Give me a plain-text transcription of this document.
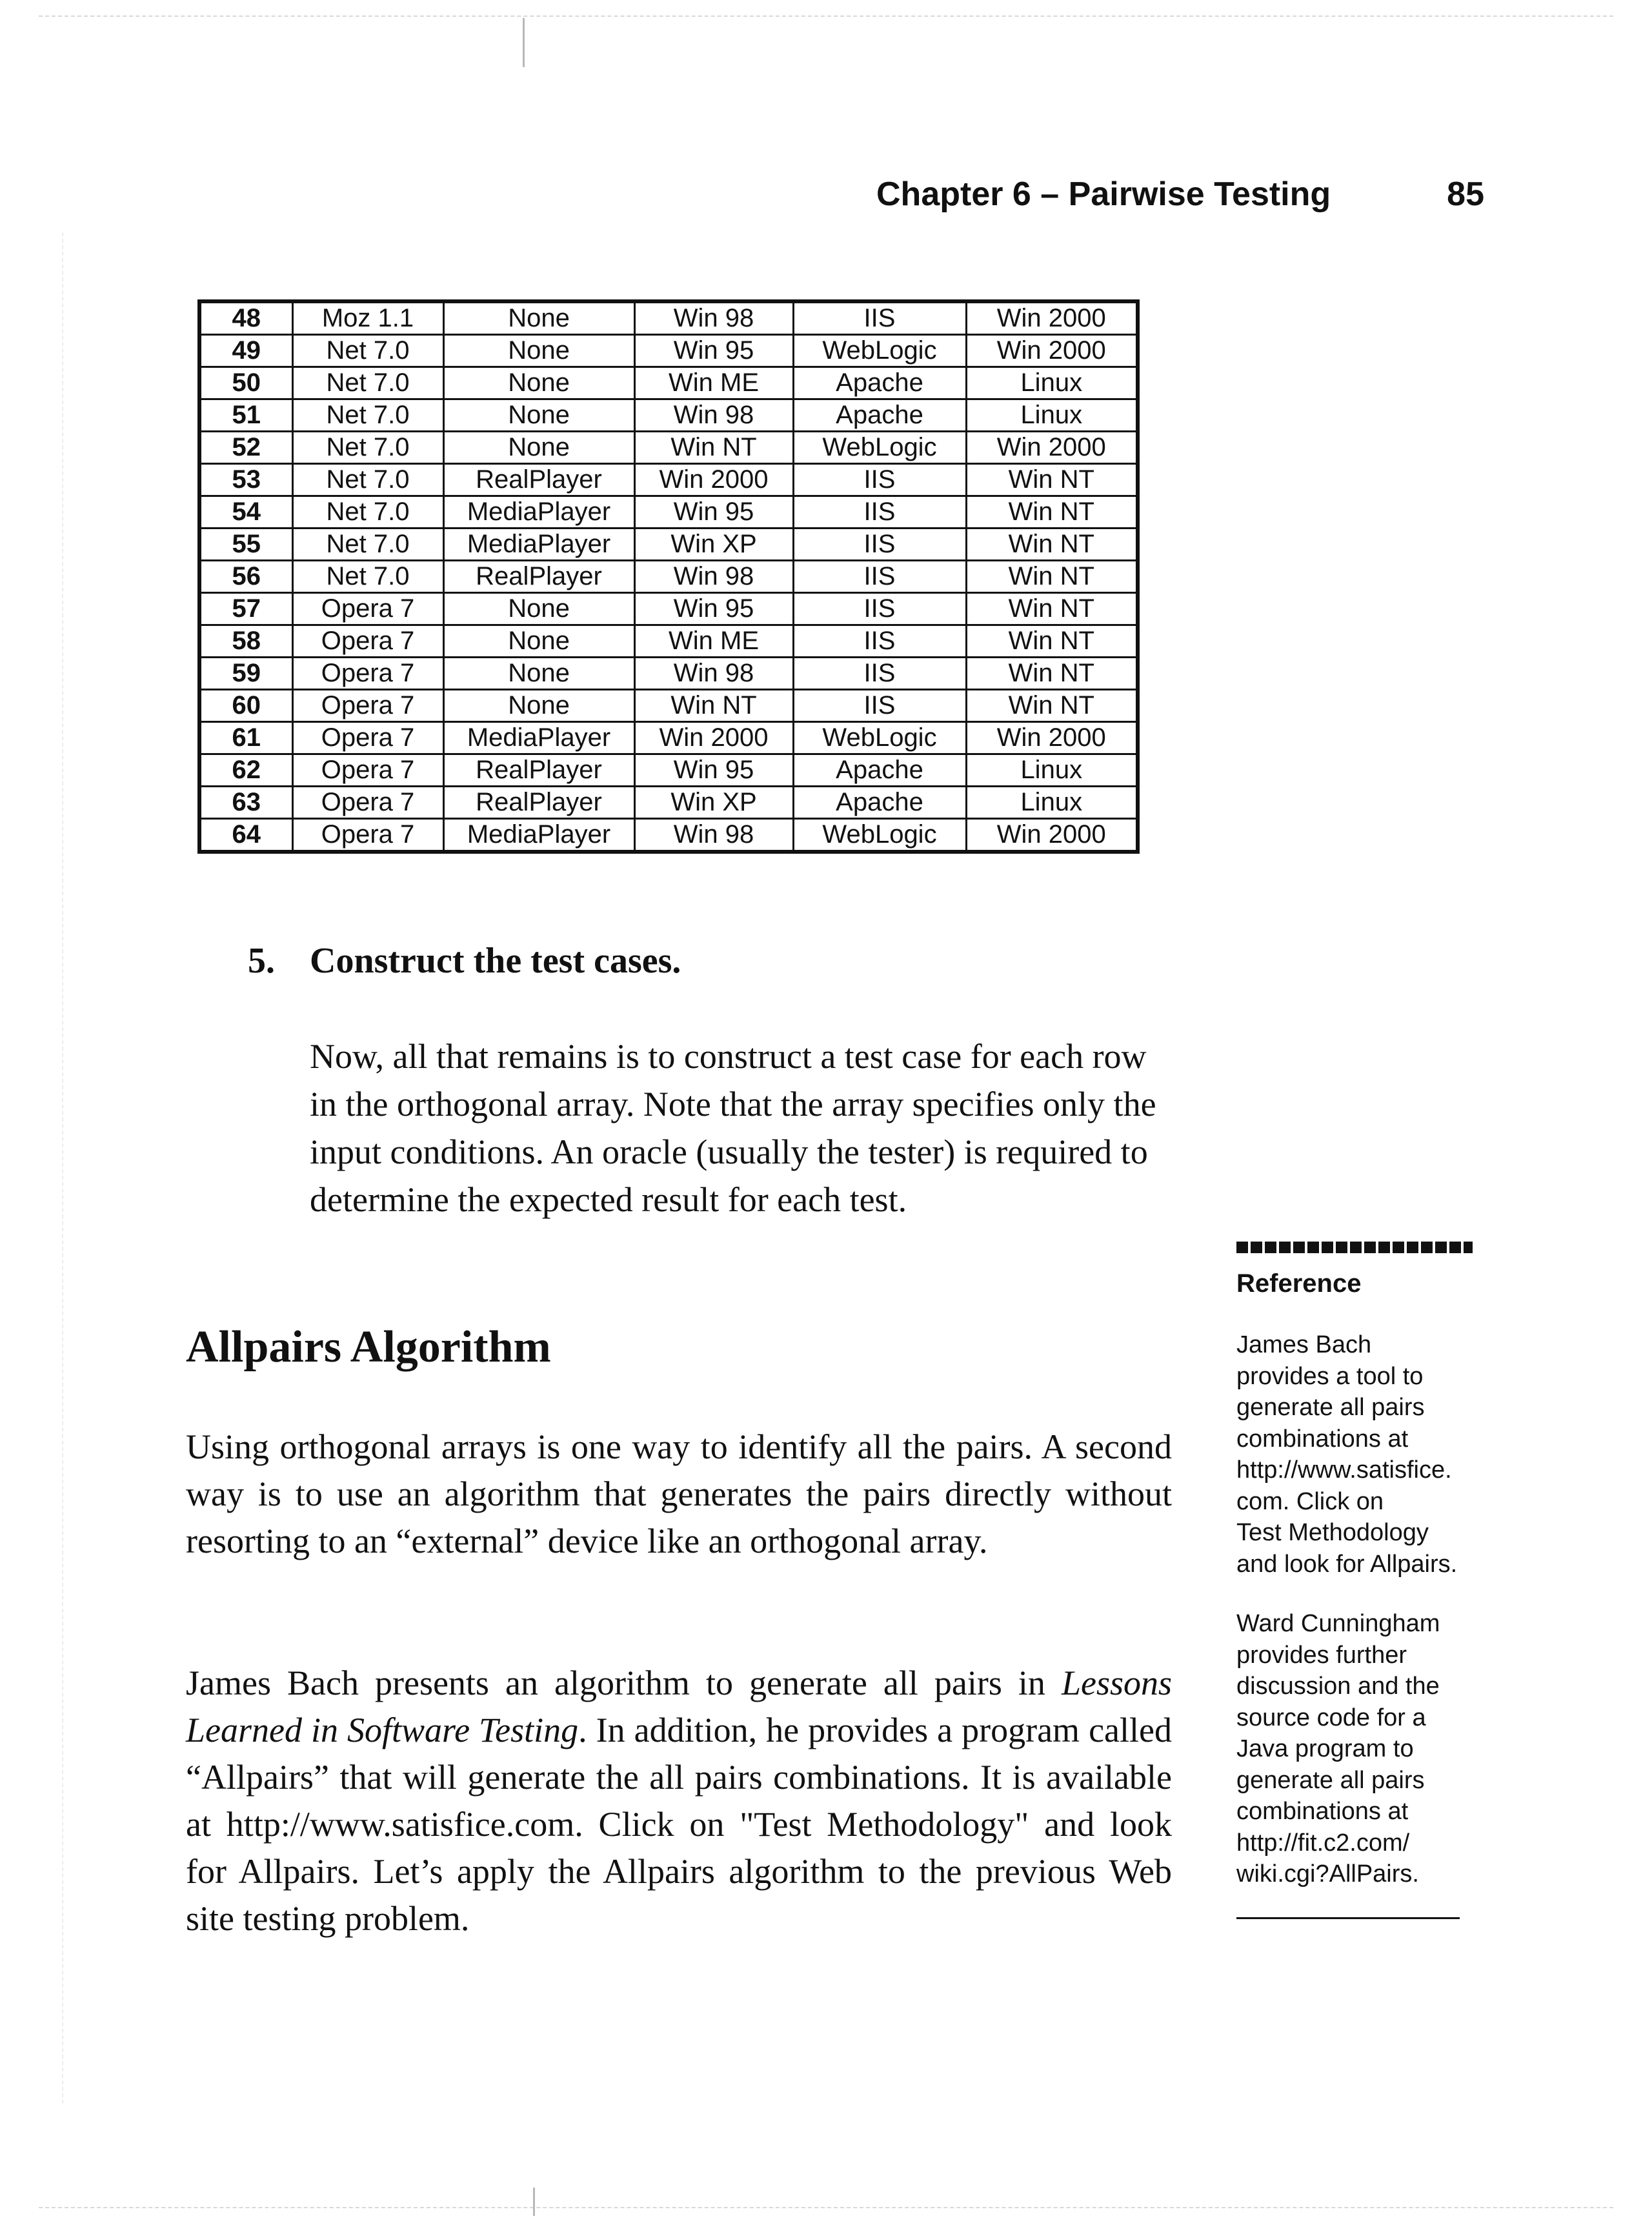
Chapter 6 – Pairwise Testing	85
48	Moz 1.1	None	Win 98	IIS	Win 2000
49	Net 7.0	None	Win 95	WebLogic	Win 2000
50	Net 7.0	None	Win ME	Apache	Linux
51	Net 7.0	None	Win 98	Apache	Linux
52	Net 7.0	None	Win NT	WebLogic	Win 2000
53	Net 7.0	RealPlayer	Win 2000	IIS	Win NT
54	Net 7.0	MediaPlayer	Win 95	IIS	Win NT
55	Net 7.0	MediaPlayer	Win XP	IIS	Win NT
56	Net 7.0	RealPlayer	Win 98	IIS	Win NT
57	Opera 7	None	Win 95	IIS	Win NT
58	Opera 7	None	Win ME	IIS	Win NT
59	Opera 7	None	Win 98	IIS	Win NT
60	Opera 7	None	Win NT	IIS	Win NT
61	Opera 7	MediaPlayer	Win 2000	WebLogic	Win 2000
62	Opera 7	RealPlayer	Win 95	Apache	Linux
63	Opera 7	RealPlayer	Win XP	Apache	Linux
64	Opera 7	MediaPlayer	Win 98	WebLogic	Win 2000
5. Construct the test cases.

Now, all that remains is to construct a test case for each row in the orthogonal array. Note that the array specifies only the input conditions. An oracle (usually the tester) is required to determine the expected result for each test.

Allpairs Algorithm

Using orthogonal arrays is one way to identify all the pairs. A second way is to use an algorithm that generates the pairs directly without resorting to an “external” device like an orthogonal array.

James Bach presents an algorithm to generate all pairs in Lessons Learned in Software Testing. In addition, he provides a program called “Allpairs” that will generate the all pairs combinations. It is available at http://www.satisfice.com. Click on "Test Methodology" and look for Allpairs. Let’s apply the Allpairs algorithm to the previous Web site testing problem.

Reference

James Bach
provides a tool to
generate all pairs
combinations at
http://www.satisfice.
com. Click on
Test Methodology
and look for Allpairs.

Ward Cunningham
provides further
discussion and the
source code for a
Java program to
generate all pairs
combinations at
http://fit.c2.com/
wiki.cgi?AllPairs.
